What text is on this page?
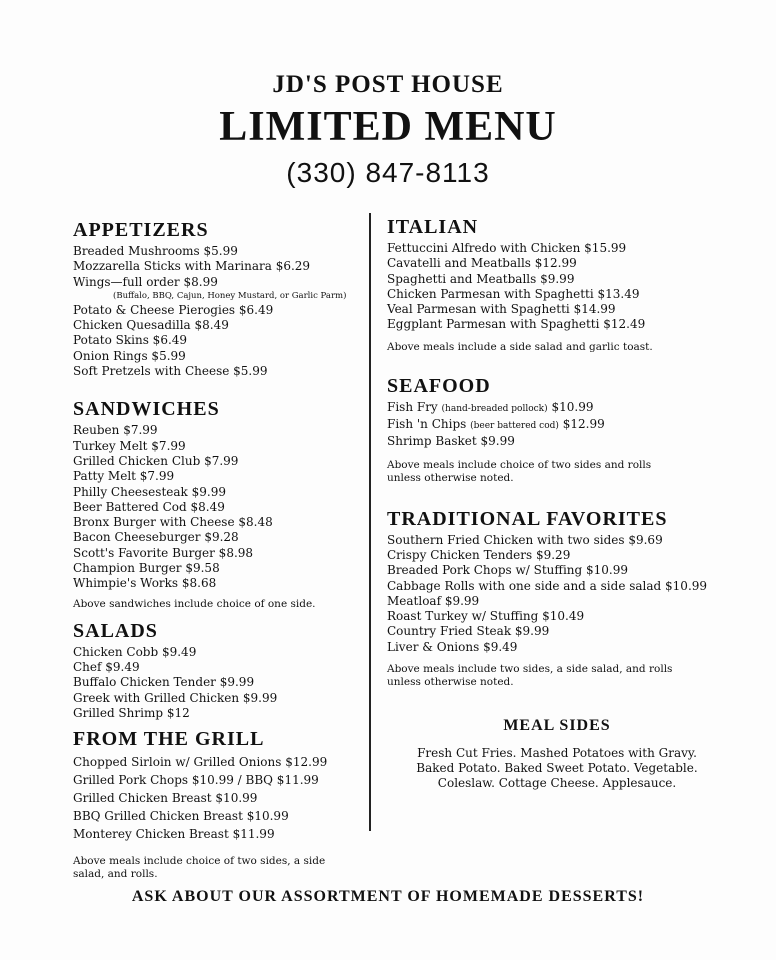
JD'S POST HOUSE
LIMITED MENU
(330) 847-8113
APPETIZERS
Breaded Mushrooms $5.99
Mozzarella Sticks with Marinara $6.29
Wings—full order $8.99
(Buffalo, BBQ, Cajun, Honey Mustard, or Garlic Parm)
Potato & Cheese Pierogies $6.49
Chicken Quesadilla $8.49
Potato Skins $6.49
Onion Rings $5.99
Soft Pretzels with Cheese $5.99
SANDWICHES
Reuben $7.99
Turkey Melt $7.99
Grilled Chicken Club $7.99
Patty Melt $7.99
Philly Cheesesteak $9.99
Beer Battered Cod $8.49
Bronx Burger with Cheese $8.48
Bacon Cheeseburger $9.28
Scott's Favorite Burger $8.98
Champion Burger $9.58
Whimpie's Works $8.68
Above sandwiches include choice of one side.
SALADS
Chicken Cobb $9.49
Chef $9.49
Buffalo Chicken Tender $9.99
Greek with Grilled Chicken $9.99
Grilled Shrimp $12
FROM THE GRILL
Chopped Sirloin w/ Grilled Onions $12.99
Grilled Pork Chops $10.99 / BBQ $11.99
Grilled Chicken Breast $10.99
BBQ Grilled Chicken Breast $10.99
Monterey Chicken Breast $11.99
Above meals include choice of two sides, a side salad, and rolls.
ITALIAN
Fettuccini Alfredo with Chicken $15.99
Cavatelli and Meatballs $12.99
Spaghetti and Meatballs $9.99
Chicken Parmesan with Spaghetti $13.49
Veal Parmesan with Spaghetti $14.99
Eggplant Parmesan with Spaghetti $12.49
Above meals include a side salad and garlic toast.
SEAFOOD
Fish Fry (hand-breaded pollock) $10.99
Fish 'n Chips (beer battered cod) $12.99
Shrimp Basket $9.99
Above meals include choice of two sides and rolls unless otherwise noted.
TRADITIONAL FAVORITES
Southern Fried Chicken with two sides $9.69
Crispy Chicken Tenders $9.29
Breaded Pork Chops w/ Stuffing $10.99
Cabbage Rolls with one side and a side salad $10.99
Meatloaf $9.99
Roast Turkey w/ Stuffing $10.49
Country Fried Steak $9.99
Liver & Onions $9.49
Above meals include two sides, a side salad, and rolls unless otherwise noted.
MEAL SIDES
Fresh Cut Fries. Mashed Potatoes with Gravy.
Baked Potato. Baked Sweet Potato. Vegetable.
Coleslaw. Cottage Cheese. Applesauce.
ASK ABOUT OUR ASSORTMENT OF HOMEMADE DESSERTS!
